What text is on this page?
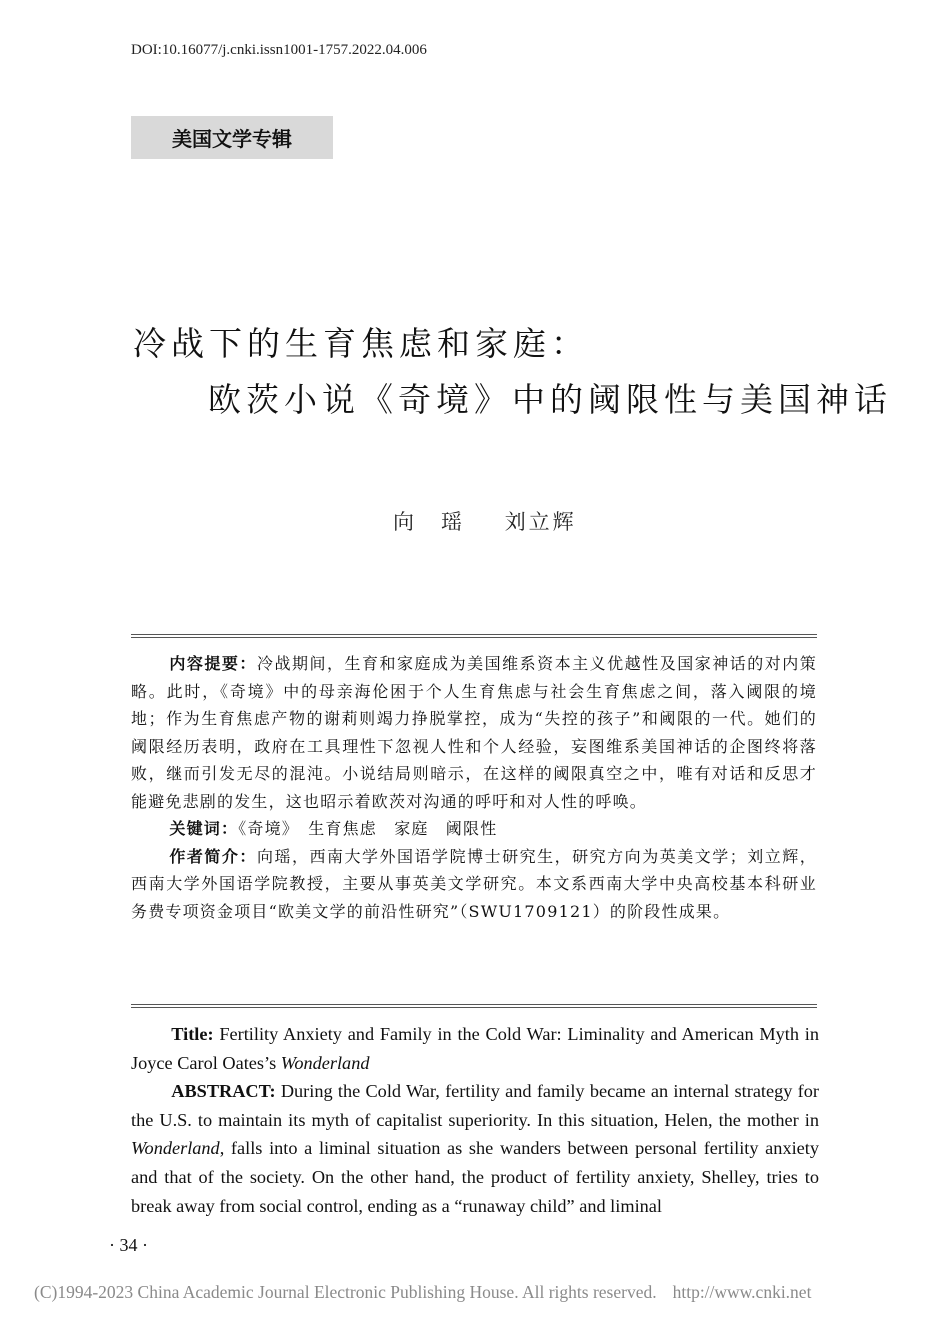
DOI:10.16077/j.cnki.issn1001-1757.2022.04.006
美国文学专辑
冷战下的生育焦虑和家庭：
欧茨小说《奇境》中的阈限性与美国神话
向　瑶 刘立辉

内容提要：冷战期间，生育和家庭成为美国维系资本主义优越性及国家神话的对内策略。此时，《奇境》中的母亲海伦困于个人生育焦虑与社会生育焦虑之间，落入阈限的境地；作为生育焦虑产物的谢莉则竭力挣脱掌控，成为“失控的孩子”和阈限的一代。她们的阈限经历表明，政府在工具理性下忽视人性和个人经验，妄图维系美国神话的企图终将落败，继而引发无尽的混沌。小说结局则暗示，在这样的阈限真空之中，唯有对话和反思才能避免悲剧的发生，这也昭示着欧茨对沟通的呼吁和对人性的呼唤。

关键词：《奇境》　生育焦虑　家庭　阈限性

作者简介：向瑶，西南大学外国语学院博士研究生，研究方向为英美文学；刘立辉，西南大学外国语学院教授，主要从事英美文学研究。本文系西南大学中央高校基本科研业务费专项资金项目“欧美文学的前沿性研究”（SWU1709121）的阶段性成果。

Title: Fertility Anxiety and Family in the Cold War: Liminality and American Myth in Joyce Carol Oates’s Wonderland

ABSTRACT: During the Cold War, fertility and family became an internal strategy for the U.S. to maintain its myth of capitalist superiority. In this situation, Helen, the mother in Wonderland, falls into a liminal situation as she wanders between personal fertility anxiety and that of the society. On the other hand, the product of fertility anxiety, Shelley, tries to break away from social control, ending as a “runaway child” and liminal

· 34 ·
(C)1994-2023 China Academic Journal Electronic Publishing House. All rights reserved. http://www.cnki.net
